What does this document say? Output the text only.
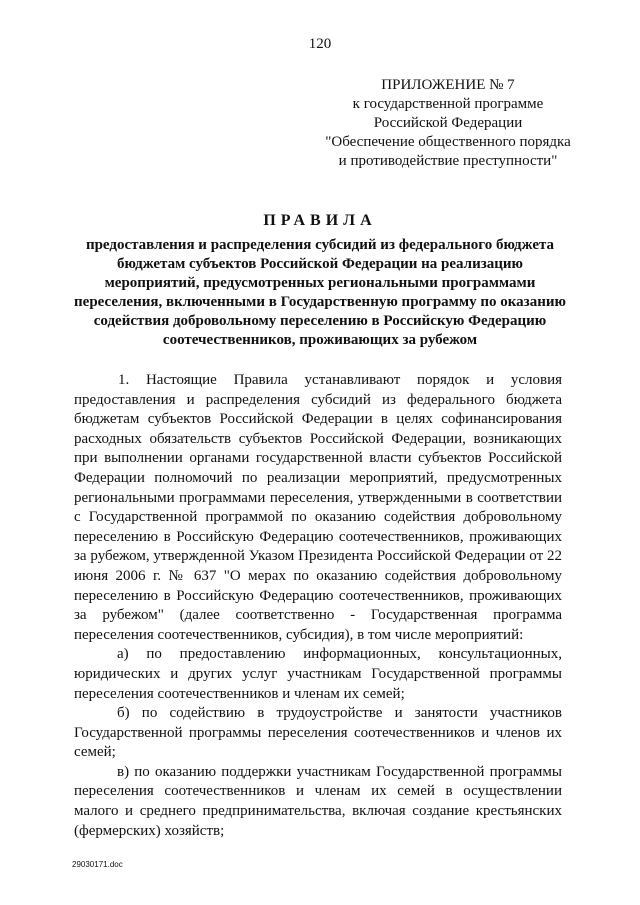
120
ПРИЛОЖЕНИЕ № 7
к государственной программе
Российской Федерации
"Обеспечение общественного порядка
и противодействие преступности"
ПРАВИЛА
предоставления и распределения субсидий из федерального бюджета бюджетам субъектов Российской Федерации на реализацию мероприятий, предусмотренных региональными программами переселения, включенными в Государственную программу по оказанию содействия добровольному переселению в Российскую Федерацию соотечественников, проживающих за рубежом

1. Настоящие Правила устанавливают порядок и условия предоставления и распределения субсидий из федерального бюджета бюджетам субъектов Российской Федерации в целях софинансирования расходных обязательств субъектов Российской Федерации, возникающих при выполнении органами государственной власти субъектов Российской Федерации полномочий по реализации мероприятий, предусмотренных региональными программами переселения, утвержденными в соответствии с Государственной программой по оказанию содействия добровольному переселению в Российскую Федерацию соотечественников, проживающих за рубежом, утвержденной Указом Президента Российской Федерации от 22 июня 2006 г. № 637 "О мерах по оказанию содействия добровольному переселению в Российскую Федерацию соотечественников, проживающих за рубежом" (далее соответственно - Государственная программа переселения соотечественников, субсидия), в том числе мероприятий:

а) по предоставлению информационных, консультационных, юридических и других услуг участникам Государственной программы переселения соотечественников и членам их семей;

б) по содействию в трудоустройстве и занятости участников Государственной программы переселения соотечественников и членов их семей;

в) по оказанию поддержки участникам Государственной программы переселения соотечественников и членам их семей в осуществлении малого и среднего предпринимательства, включая создание крестьянских (фермерских) хозяйств;

29030171.doc
